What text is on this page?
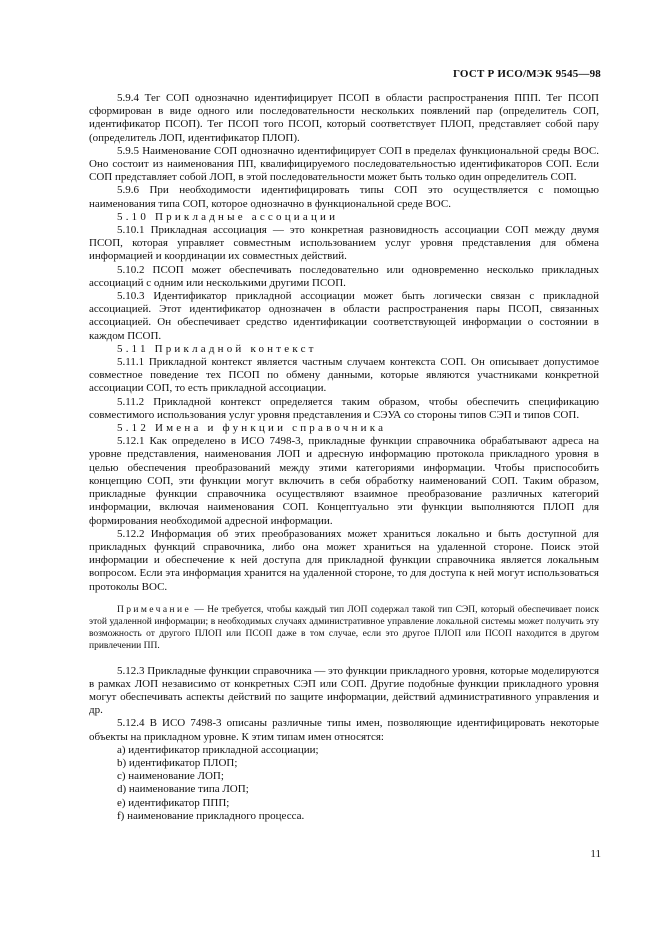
ГОСТ Р ИСО/МЭК 9545—98

5.9.4 Тег СОП однозначно идентифицирует ПСОП в области распространения ППП. Тег ПСОП сформирован в виде одного или последовательности нескольких появлений пар (определитель СОП, идентификатор ПСОП). Тег ПСОП того ПСОП, который соответствует ПЛОП, представляет собой пару (определитель ЛОП, идентификатор ПЛОП).

5.9.5 Наименование СОП однозначно идентифицирует СОП в пределах функциональной среды ВОС. Оно состоит из наименования ПП, квалифицируемого последовательностью идентификаторов СОП. Если СОП представляет собой ЛОП, в этой последовательности может быть только один определитель СОП.

5.9.6 При необходимости идентифицировать типы СОП это осуществляется с помощью наименования типа СОП, которое однозначно в функциональной среде ВОС.

5.10 Прикладные ассоциации

5.10.1 Прикладная ассоциация — это конкретная разновидность ассоциации СОП между двумя ПСОП, которая управляет совместным использованием услуг уровня представления для обмена информацией и координации их совместных действий.

5.10.2 ПСОП может обеспечивать последовательно или одновременно несколько прикладных ассоциаций с одним или несколькими другими ПСОП.

5.10.3 Идентификатор прикладной ассоциации может быть логически связан с прикладной ассоциацией. Этот идентификатор однозначен в области распространения пары ПСОП, связанных ассоциацией. Он обеспечивает средство идентификации соответствующей информации о состоянии в каждом ПСОП.

5.11 Прикладной контекст

5.11.1 Прикладной контекст является частным случаем контекста СОП. Он описывает допустимое совместное поведение тех ПСОП по обмену данными, которые являются участниками конкретной ассоциации СОП, то есть прикладной ассоциации.

5.11.2 Прикладной контекст определяется таким образом, чтобы обеспечить спецификацию совместимого использования услуг уровня представления и СЭУА со стороны типов СЭП и типов СОП.

5.12 Имена и функции справочника

5.12.1 Как определено в ИСО 7498-3, прикладные функции справочника обрабатывают адреса на уровне представления, наименования ЛОП и адресную информацию протокола прикладного уровня в целью обеспечения преобразований между этими категориями информации. Чтобы приспособить концепцию СОП, эти функции могут включить в себя обработку наименований СОП. Таким образом, прикладные функции справочника осуществляют взаимное преобразование различных категорий информации, включая наименования СОП. Концептуально эти функции выполняются ПЛОП для формирования необходимой адресной информации.

5.12.2 Информация об этих преобразованиях может храниться локально и быть доступной для прикладных функций справочника, либо она может храниться на удаленной стороне. Поиск этой информации и обеспечение к ней доступа для прикладной функции справочника является локальным вопросом. Если эта информация хранится на удаленной стороне, то для доступа к ней могут использоваться протоколы ВОС.

Примечание — Не требуется, чтобы каждый тип ЛОП содержал такой тип СЭП, который обеспечивает поиск этой удаленной информации; в необходимых случаях административное управление локальной системы может получить эту возможность от другого ПЛОП или ПСОП даже в том случае, если это другое ПЛОП или ПСОП находится в другом привлечении ПП.

5.12.3 Прикладные функции справочника — это функции прикладного уровня, которые моделируются в рамках ЛОП независимо от конкретных СЭП или СОП. Другие подобные функции прикладного уровня могут обеспечивать аспекты действий по защите информации, действий административного управления и др.

5.12.4 В ИСО 7498-3 описаны различные типы имен, позволяющие идентифицировать некоторые объекты на прикладном уровне. К этим типам имен относятся:

a) идентификатор прикладной ассоциации;
b) идентификатор ПЛОП;
c) наименование ЛОП;
d) наименование типа ЛОП;
e) идентификатор ППП;
f) наименование прикладного процесса.
11
